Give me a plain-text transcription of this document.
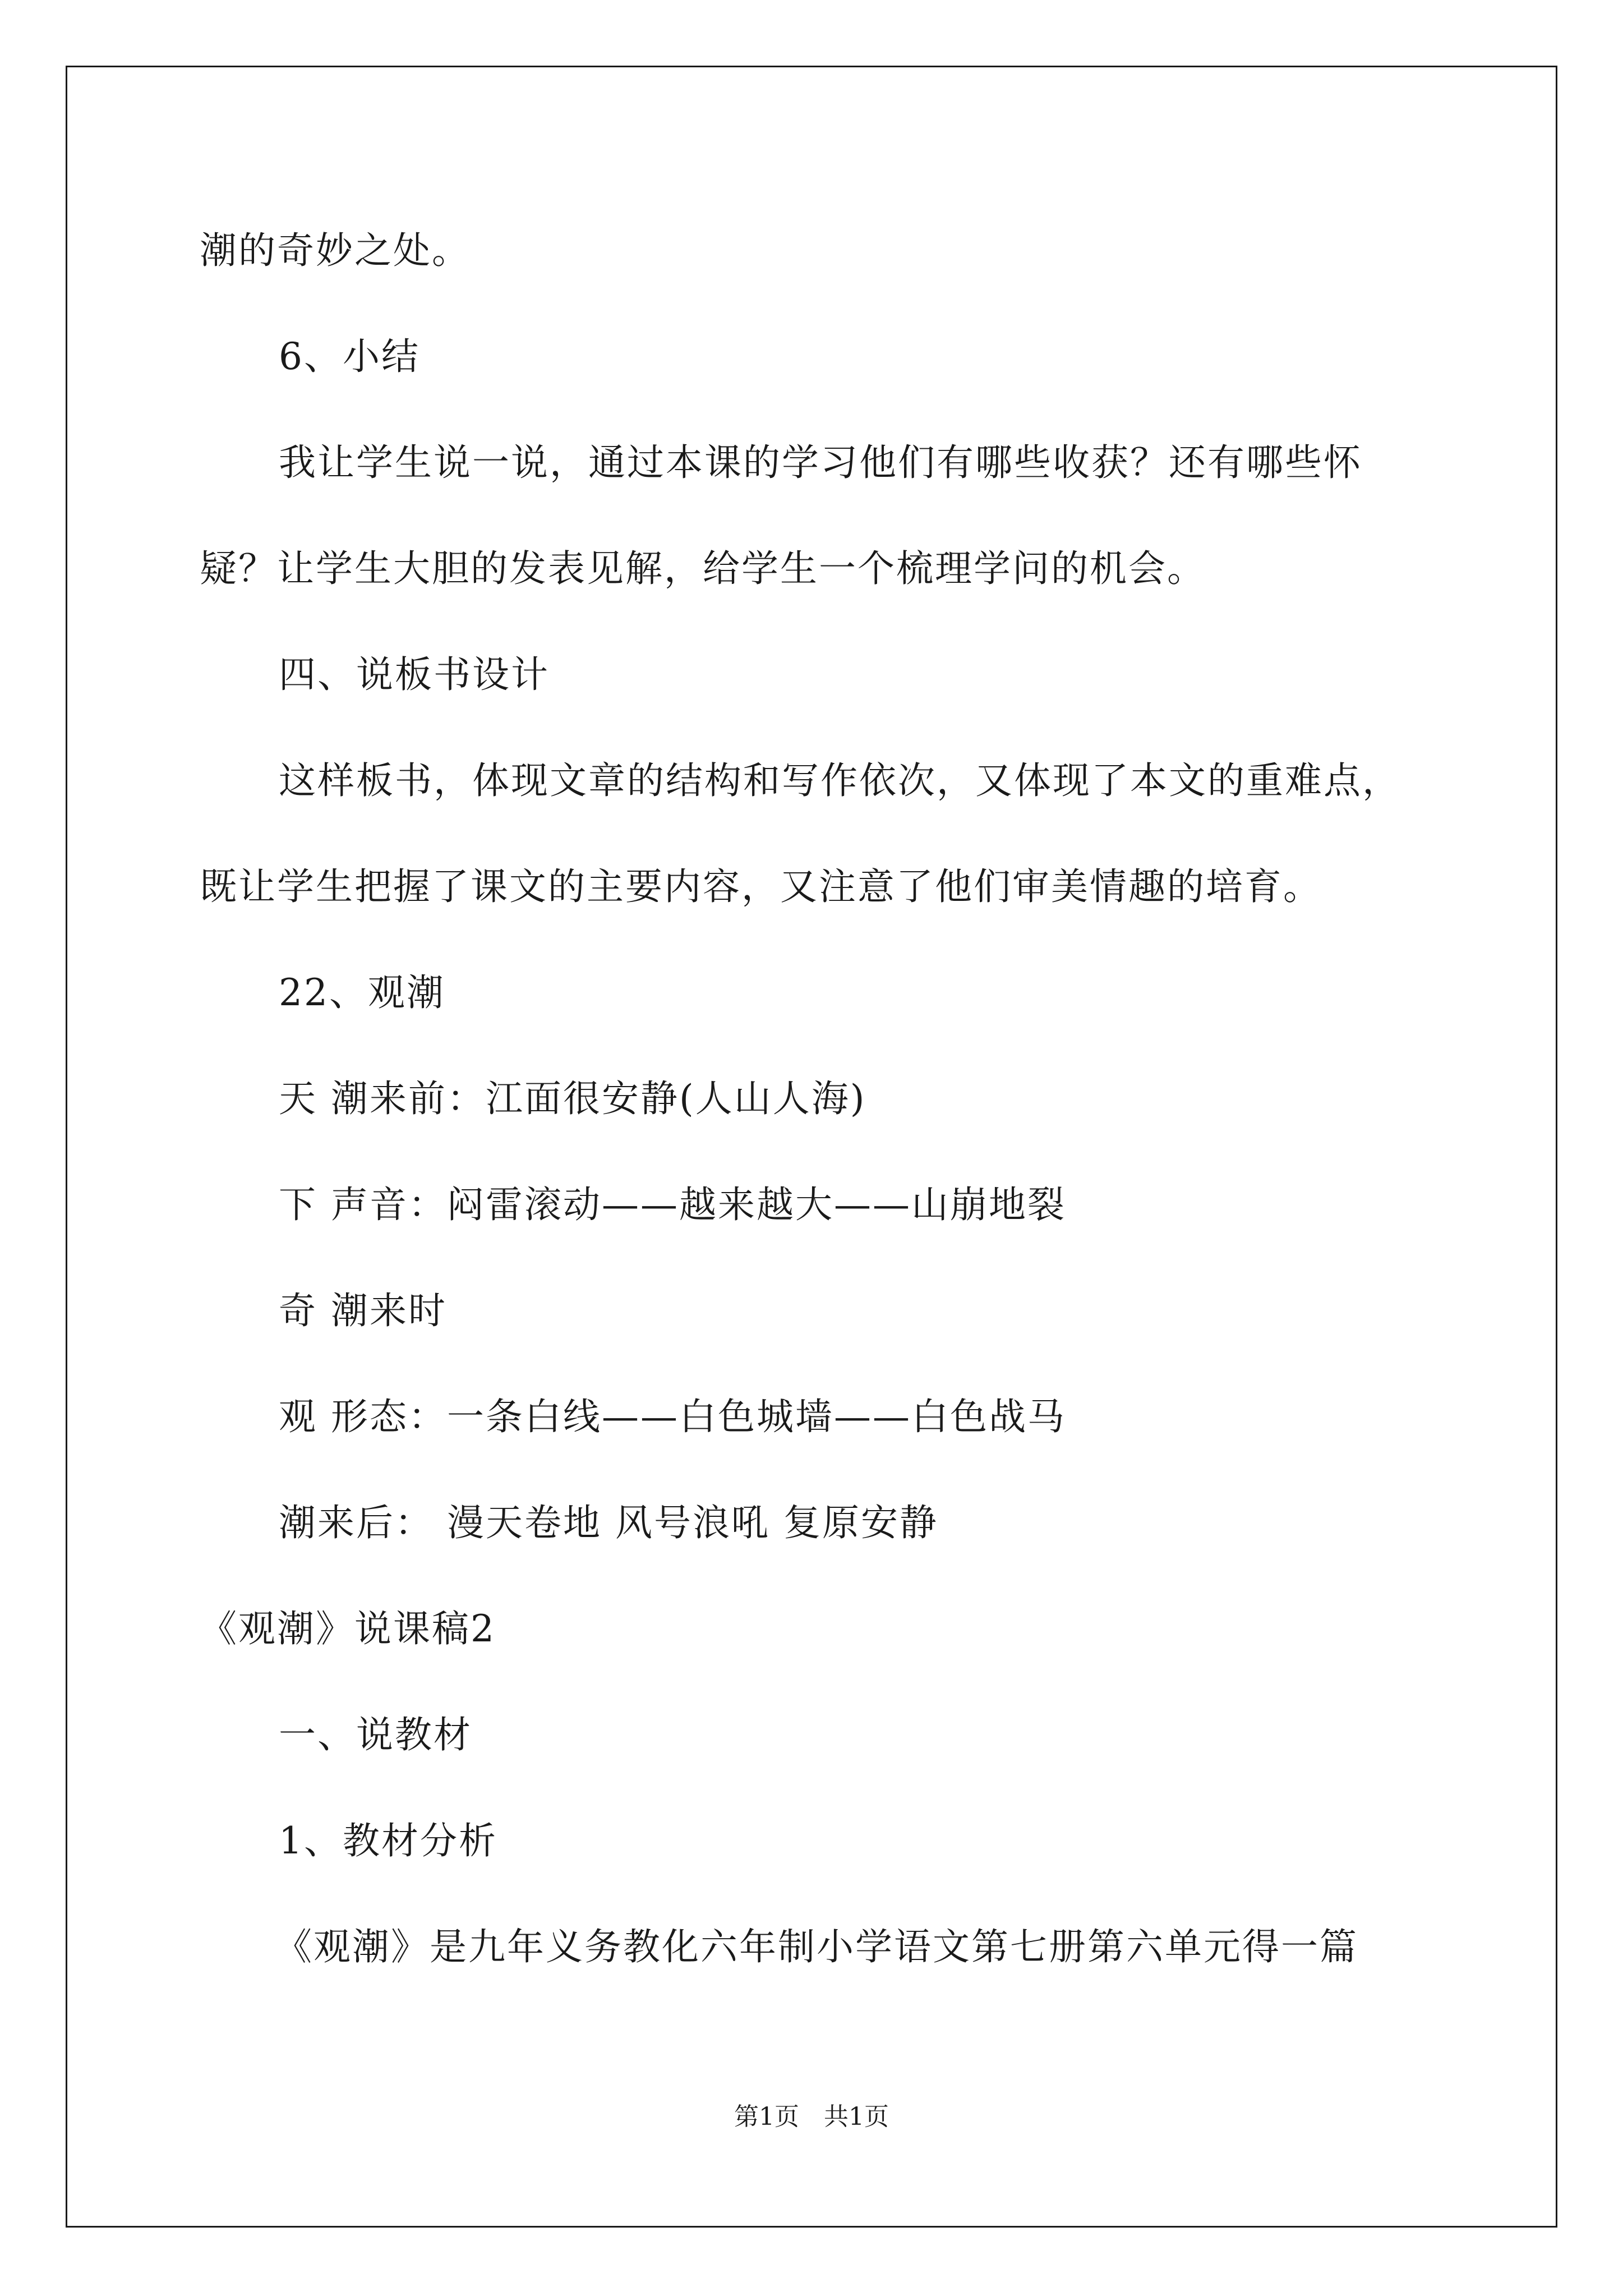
潮的奇妙之处。
6、小结
我让学生说一说，通过本课的学习他们有哪些收获？还有哪些怀
疑？让学生大胆的发表见解，给学生一个梳理学问的机会。
四、说板书设计
这样板书，体现文章的结构和写作依次，又体现了本文的重难点，
既让学生把握了课文的主要内容，又注意了他们审美情趣的培育。
22、观潮
天 潮来前：江面很安静(人山人海)
下 声音：闷雷滚动——越来越大——山崩地裂
奇 潮来时
观 形态：一条白线——白色城墙——白色战马
潮来后： 漫天卷地 风号浪吼 复原安静
《观潮》说课稿2
一、说教材
1、教材分析
《观潮》是九年义务教化六年制小学语文第七册第六单元得一篇
第1页　共1页
